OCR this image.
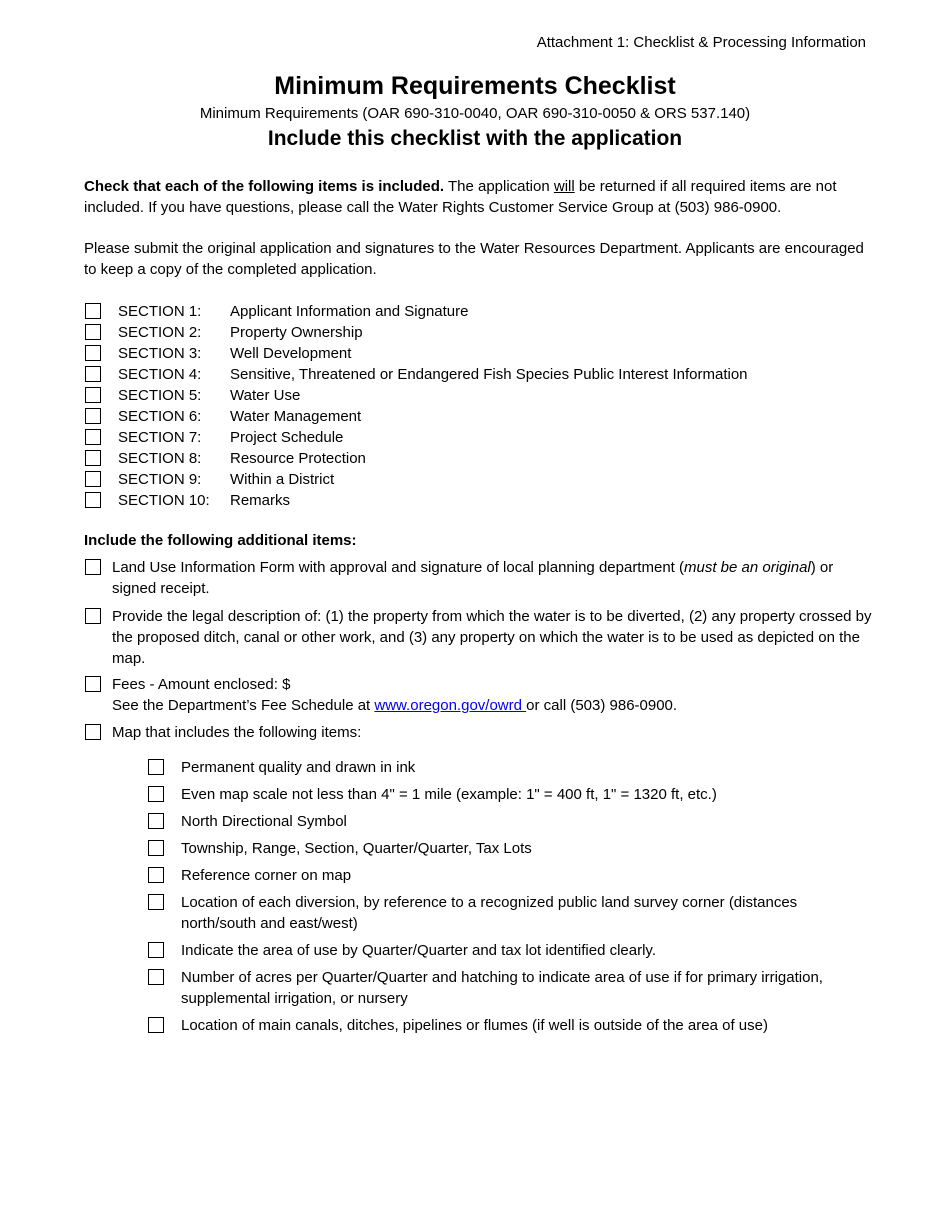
Attachment 1: Checklist & Processing Information
Minimum Requirements Checklist
Minimum Requirements (OAR 690-310-0040, OAR 690-310-0050 & ORS 537.140)
Include this checklist with the application
Check that each of the following items is included. The application will be returned if all required items are not included. If you have questions, please call the Water Rights Customer Service Group at (503) 986-0900.
Please submit the original application and signatures to the Water Resources Department. Applicants are encouraged to keep a copy of the completed application.
SECTION 1: Applicant Information and Signature
SECTION 2: Property Ownership
SECTION 3: Well Development
SECTION 4: Sensitive, Threatened or Endangered Fish Species Public Interest Information
SECTION 5: Water Use
SECTION 6: Water Management
SECTION 7: Project Schedule
SECTION 8: Resource Protection
SECTION 9: Within a District
SECTION 10: Remarks
Include the following additional items:
Land Use Information Form with approval and signature of local planning department (must be an original) or signed receipt.
Provide the legal description of: (1) the property from which the water is to be diverted, (2) any property crossed by the proposed ditch, canal or other work, and (3) any property on which the water is to be used as depicted on the map.
Fees - Amount enclosed: $
See the Department’s Fee Schedule at www.oregon.gov/owrd or call (503) 986-0900.
Map that includes the following items:
Permanent quality and drawn in ink
Even map scale not less than 4" = 1 mile (example: 1" = 400 ft, 1" = 1320 ft, etc.)
North Directional Symbol
Township, Range, Section, Quarter/Quarter, Tax Lots
Reference corner on map
Location of each diversion, by reference to a recognized public land survey corner (distances north/south and east/west)
Indicate the area of use by Quarter/Quarter and tax lot identified clearly.
Number of acres per Quarter/Quarter and hatching to indicate area of use if for primary irrigation, supplemental irrigation, or nursery
Location of main canals, ditches, pipelines or flumes (if well is outside of the area of use)
